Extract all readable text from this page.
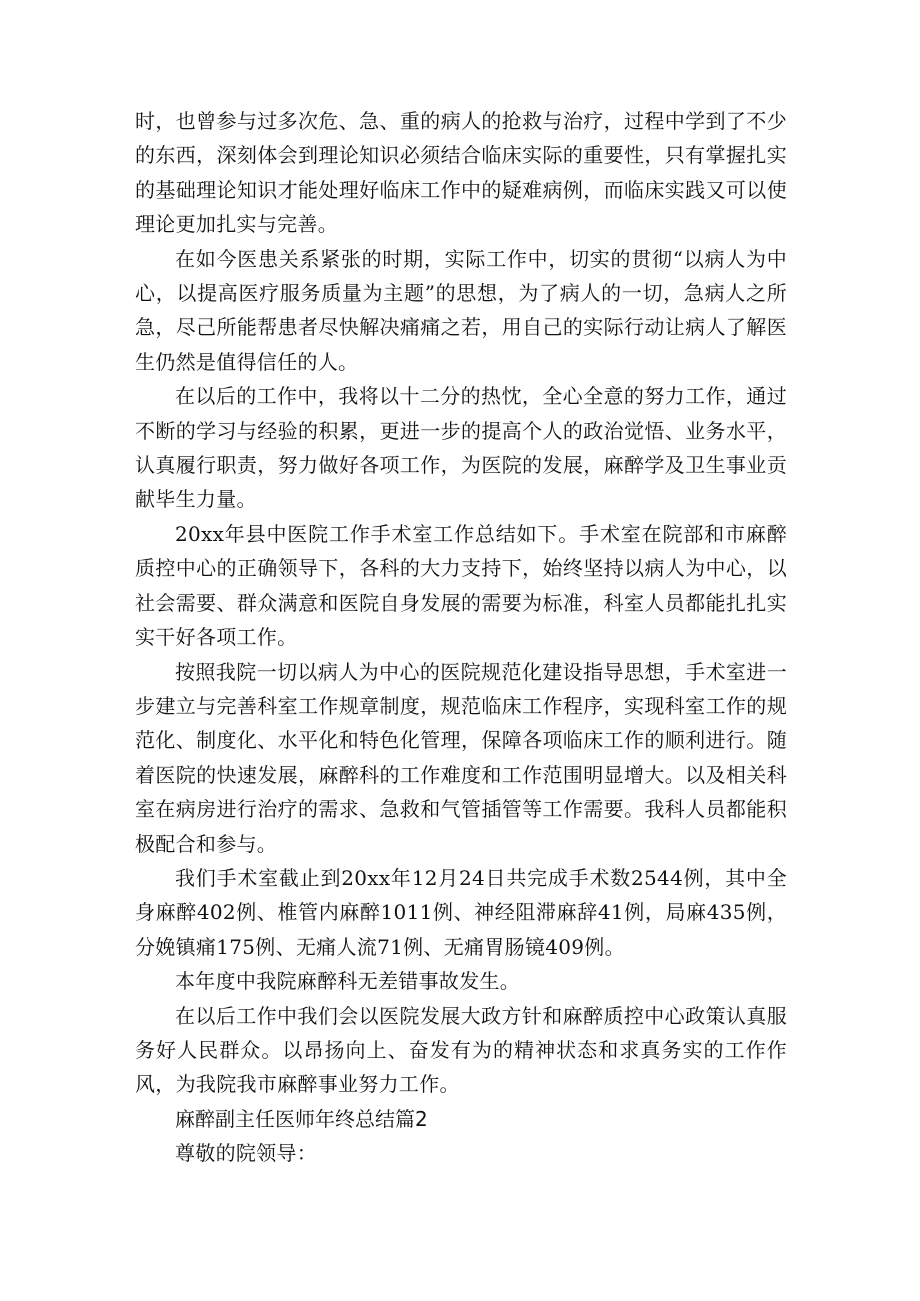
时，也曾参与过多次危、急、重的病人的抢救与治疗，过程中学到了不少的东西，深刻体会到理论知识必须结合临床实际的重要性，只有掌握扎实的基础理论知识才能处理好临床工作中的疑难病例，而临床实践又可以使理论更加扎实与完善。

在如今医患关系紧张的时期，实际工作中，切实的贯彻“以病人为中心，以提高医疗服务质量为主题”的思想，为了病人的一切，急病人之所急，尽己所能帮患者尽快解决痛痛之若，用自己的实际行动让病人了解医生仍然是值得信任的人。

在以后的工作中，我将以十二分的热忱，全心全意的努力工作，通过不断的学习与经验的积累，更进一步的提高个人的政治觉悟、业务水平，认真履行职责，努力做好各项工作，为医院的发展，麻醉学及卫生事业贡献毕生力量。

20xx年县中医院工作手术室工作总结如下。手术室在院部和市麻醉质控中心的正确领导下，各科的大力支持下，始终坚持以病人为中心，以社会需要、群众满意和医院自身发展的需要为标准，科室人员都能扎扎实实干好各项工作。

按照我院一切以病人为中心的医院规范化建设指导思想，手术室进一步建立与完善科室工作规章制度，规范临床工作程序，实现科室工作的规范化、制度化、水平化和特色化管理，保障各项临床工作的顺利进行。随着医院的快速发展，麻醉科的工作难度和工作范围明显增大。以及相关科室在病房进行治疗的需求、急救和气管插管等工作需要。我科人员都能积极配合和参与。

我们手术室截止到20xx年12月24日共完成手术数2544例，其中全身麻醉402例、椎管内麻醉1011例、神经阻滞麻辞41例，局麻435例，分娩镇痛175例、无痛人流71例、无痛胃肠镜409例。

本年度中我院麻醉科无差错事故发生。

在以后工作中我们会以医院发展大政方针和麻醉质控中心政策认真服务好人民群众。以昂扬向上、奋发有为的精神状态和求真务实的工作作风，为我院我市麻醉事业努力工作。

麻醉副主任医师年终总结篇2

尊敬的院领导：
